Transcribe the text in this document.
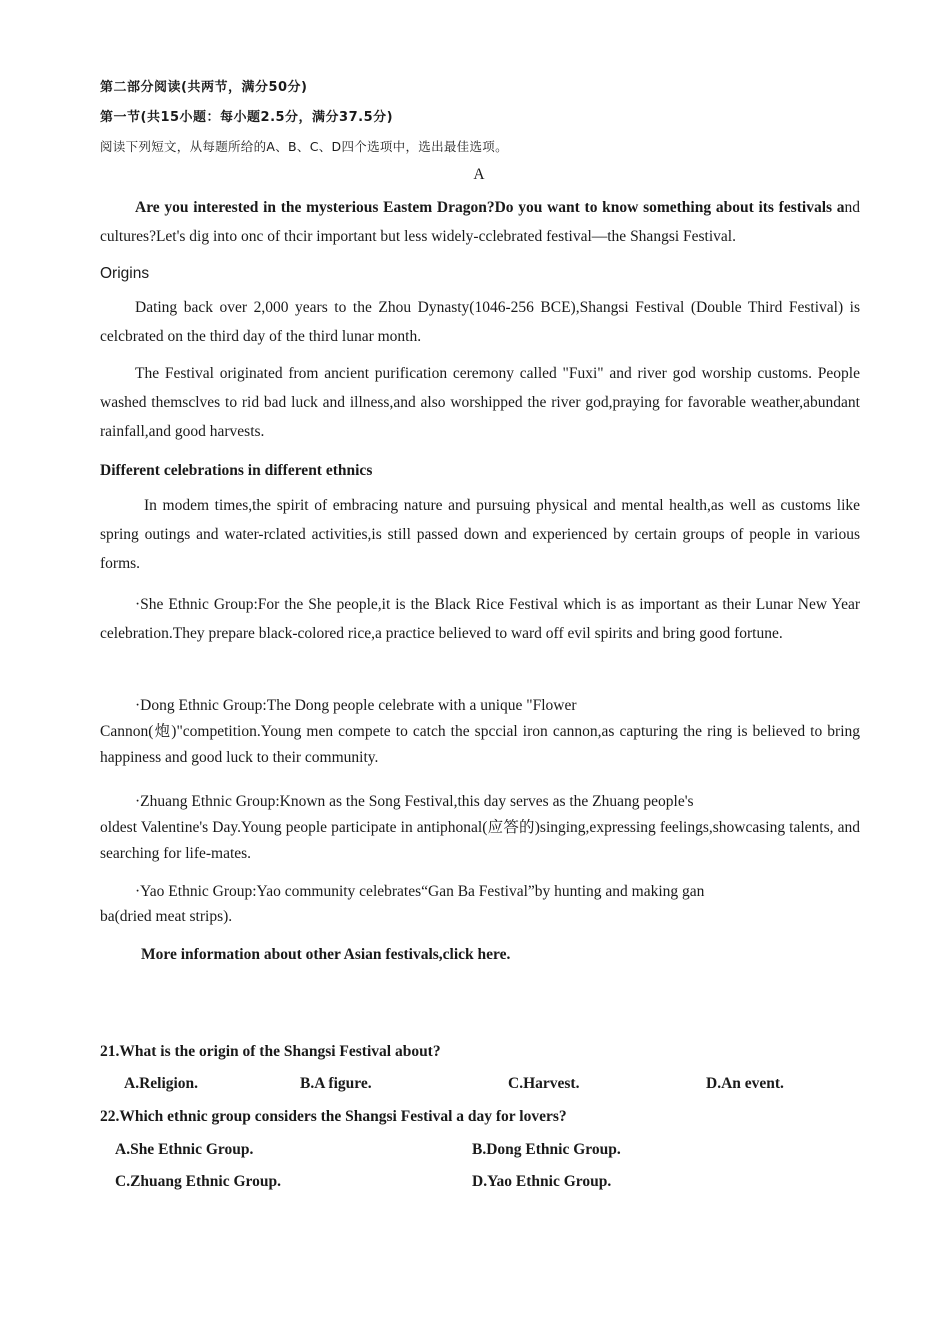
第二部分阅读(共两节，满分50分)
第一节(共15小题：每小题2.5分，满分37.5分)
阅读下列短文，从每题所给的A、B、C、D四个选项中，选出最佳选项。
A
Are you interested in the mysterious Eastem Dragon?Do you want to know something about its festivals and cultures?Let's dig into onc of thcir important but less widely-cclebrated festival—the Shangsi Festival.
Origins
Dating back over 2,000 years to the Zhou Dynasty(1046-256 BCE),Shangsi Festival (Double Third Festival) is celcbrated on the third day of the third lunar month.
The Festival originated from ancient purification ceremony called "Fuxi" and river god worship customs. People washed themsclves to rid bad luck and illness,and also worshipped the river god,praying for favorable weather,abundant rainfall,and good harvests.
Different celebrations in different ethnics
In modem times,the spirit of embracing nature and pursuing physical and mental health,as well as customs like spring outings and water-rclated activities,is still passed down and experienced by certain groups of people in various forms.
·She Ethnic Group:For the She people,it is the Black Rice Festival which is as important as their Lunar New Year celebration.They prepare black-colored rice,a practice believed to ward off evil spirits and bring good fortune.
·Dong Ethnic Group:The Dong people celebrate with a unique "Flower
Cannon(炮)"competition.Young men compete to catch the spccial iron cannon,as capturing the ring is believed to bring happiness and good luck to their community.
·Zhuang Ethnic Group:Known as the Song Festival,this day serves as the Zhuang people's
oldest Valentine's Day.Young people participate in antiphonal(应答的)singing,expressing feelings,showcasing talents, and searching for life-mates.
·Yao Ethnic Group:Yao community celebrates“Gan Ba Festival”by hunting and making gan
ba(dried meat strips).
More information about other Asian festivals,click here.
21.What is the origin of the Shangsi Festival about?
A.Religion.	B.A figure.	C.Harvest.	D.An event.
22.Which ethnic group considers the Shangsi Festival a day for lovers?
A.She Ethnic Group.	B.Dong Ethnic Group.
C.Zhuang Ethnic Group.	D.Yao Ethnic Group.
